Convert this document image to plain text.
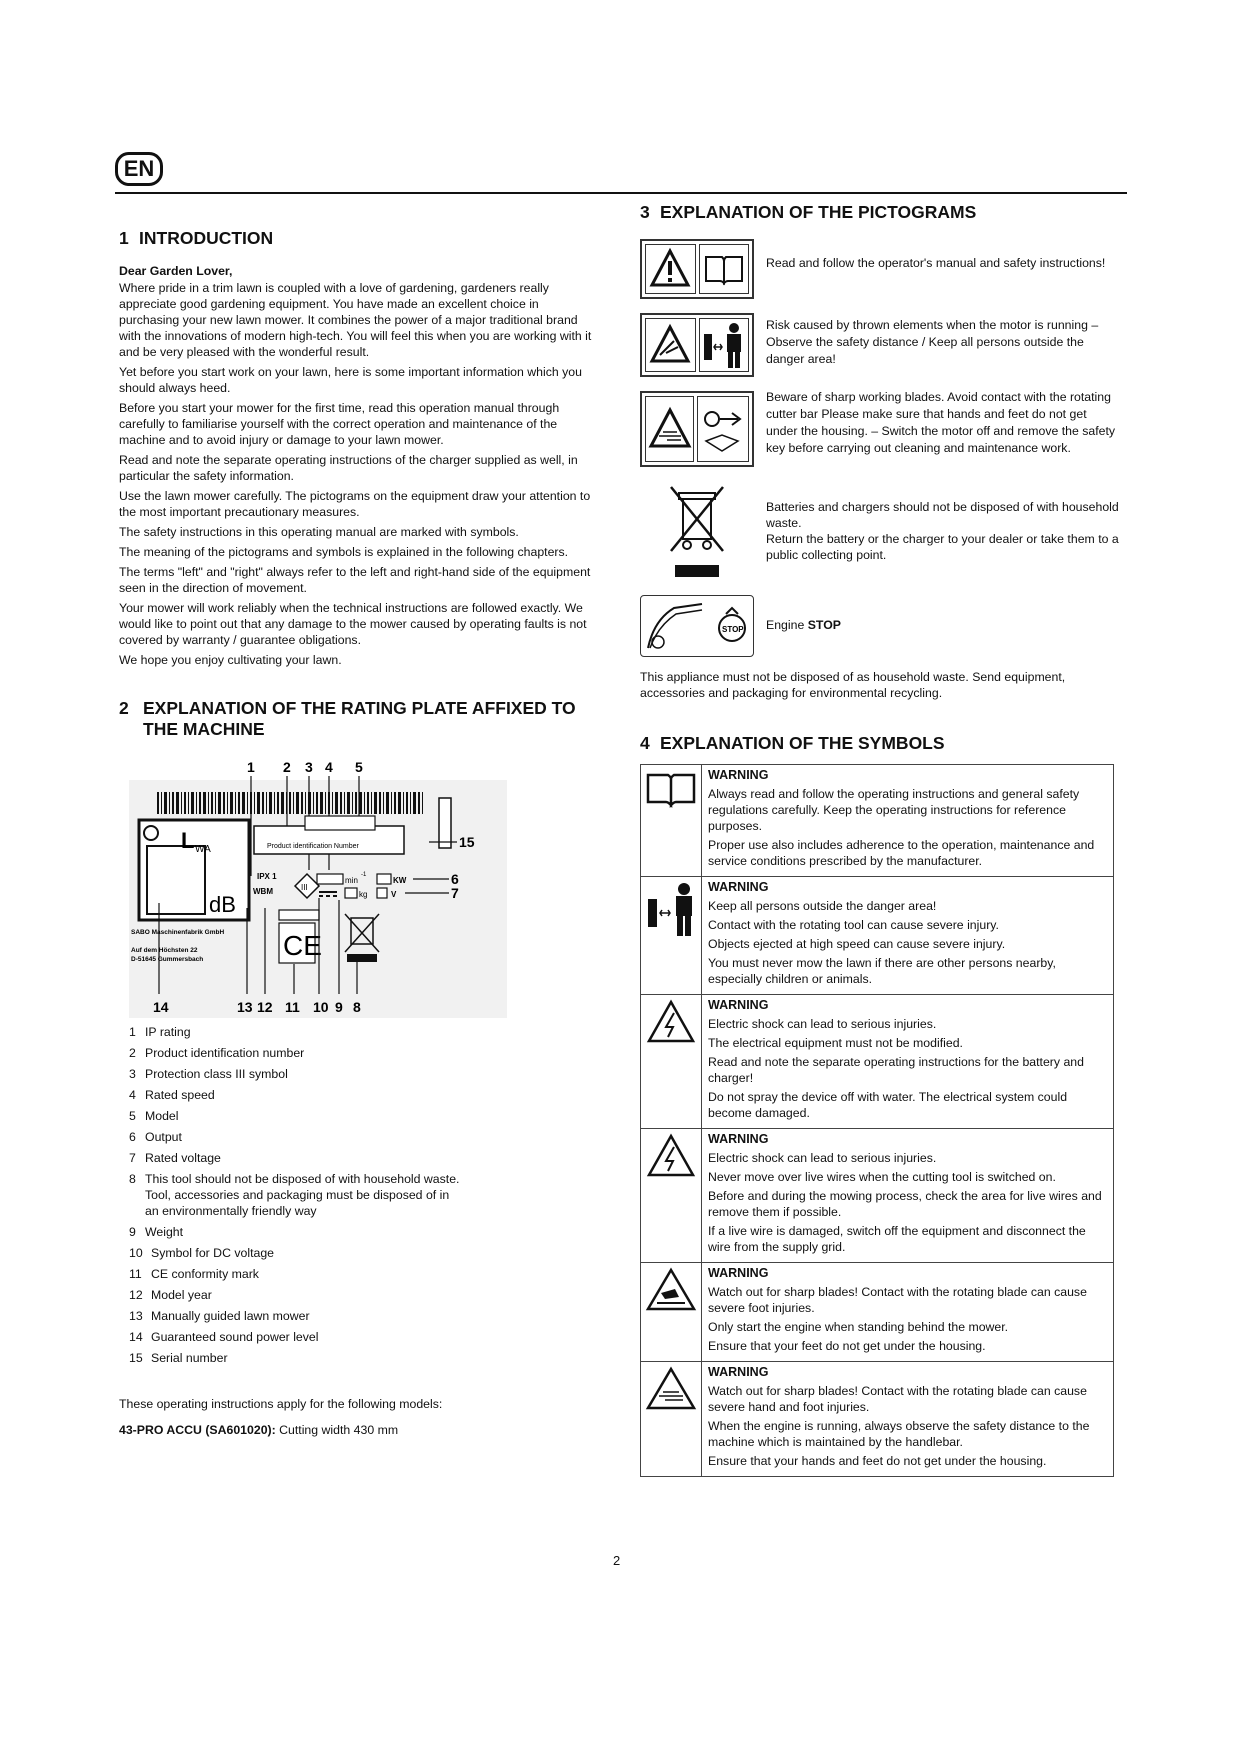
EN
1 INTRODUCTION

Dear Garden Lover,

Where pride in a trim lawn is coupled with a love of gardening, gardeners really appreciate good gardening equipment. You have made an excellent choice in purchasing your new lawn mower. It combines the power of a major traditional brand with the innovations of modern high-tech. You will feel this when you are working with it and be very pleased with the wonderful result.

Yet before you start work on your lawn, here is some important information which you should always heed.

Before you start your mower for the first time, read this operation manual through carefully to familiarise yourself with the correct operation and maintenance of the machine and to avoid injury or damage to your lawn mower.

Read and note the separate operating instructions of the charger supplied as well, in particular the safety information.

Use the lawn mower carefully. The pictograms on the equipment draw your attention to the most important precautionary measures.

The safety instructions in this operating manual are marked with symbols.

The meaning of the pictograms and symbols is explained in the following chapters.

The terms "left" and "right" always refer to the left and right-hand side of the equipment seen in the direction of movement.

Your mower will work reliably when the technical instructions are followed exactly. We would like to point out that any damage to the mower caused by operating faults is not covered by warranty / guarantee obligations.

We hope you enjoy cultivating your lawn.

2 EXPLANATION OF THE RATING PLATE AFFIXED TO THE MACHINE
1 2 3 4 5
L WA
dB
Product identification Number	15
IPX 1
WBM	III
min
-1
kg
KW
V
6
7
CE
SABO Maschinenfabrik GmbH
Auf dem Höchsten 22
D-51645 Gummersbach
14	13 12 11 10 9 8
1 IP rating
2 Product identification number
3 Protection class III symbol
4 Rated speed
5 Model
6 Output
7 Rated voltage
8 This tool should not be disposed of with household waste. Tool, accessories and packaging must be disposed of in an environmentally friendly way
9 Weight
10 Symbol for DC voltage
11 CE conformity mark
12 Model year
13 Manually guided lawn mower
14 Guaranteed sound power level
15 Serial number

These operating instructions apply for the following models:

43-PRO ACCU (SA601020): Cutting width 430 mm

3 EXPLANATION OF THE PICTOGRAMS

Read and follow the operator's manual and safety instructions!

Risk caused by thrown elements when the motor is running – Observe the safety distance / Keep all persons outside the danger area!

Beware of sharp working blades. Avoid contact with the rotating cutter bar Please make sure that hands and feet do not get under the housing. – Switch the motor off and remove the safety key before carrying out cleaning and maintenance work.

Batteries and chargers should not be disposed of with household waste.

Return the battery or the charger to your dealer or take them to a public collecting point.

STOP Engine STOP

This appliance must not be disposed of as household waste. Send equipment, accessories and packaging for environmental recycling.

4 EXPLANATION OF THE SYMBOLS

WARNING

Always read and follow the operating instructions and general safety regulations carefully. Keep the operating instructions for reference purposes.

Proper use also includes adherence to the operation, maintenance and service conditions prescribed by the manufacturer.

WARNING

Keep all persons outside the danger area!

Contact with the rotating tool can cause severe injury.

Objects ejected at high speed can cause severe injury.

You must never mow the lawn if there are other persons nearby, especially children or animals.

WARNING

Electric shock can lead to serious injuries.

The electrical equipment must not be modified.

Read and note the separate operating instructions for the battery and charger!

Do not spray the device off with water. The electrical system could become damaged.

WARNING

Electric shock can lead to serious injuries.

Never move over live wires when the cutting tool is switched on.

Before and during the mowing process, check the area for live wires and remove them if possible.

If a live wire is damaged, switch off the equipment and disconnect the wire from the supply grid.

WARNING

Watch out for sharp blades! Contact with the rotating blade can cause severe foot injuries.

Only start the engine when standing behind the mower.

Ensure that your feet do not get under the housing.

WARNING

Watch out for sharp blades! Contact with the rotating blade can cause severe hand and foot injuries.

When the engine is running, always observe the safety distance to the machine which is maintained by the handlebar.

Ensure that your hands and feet do not get under the housing.

2
